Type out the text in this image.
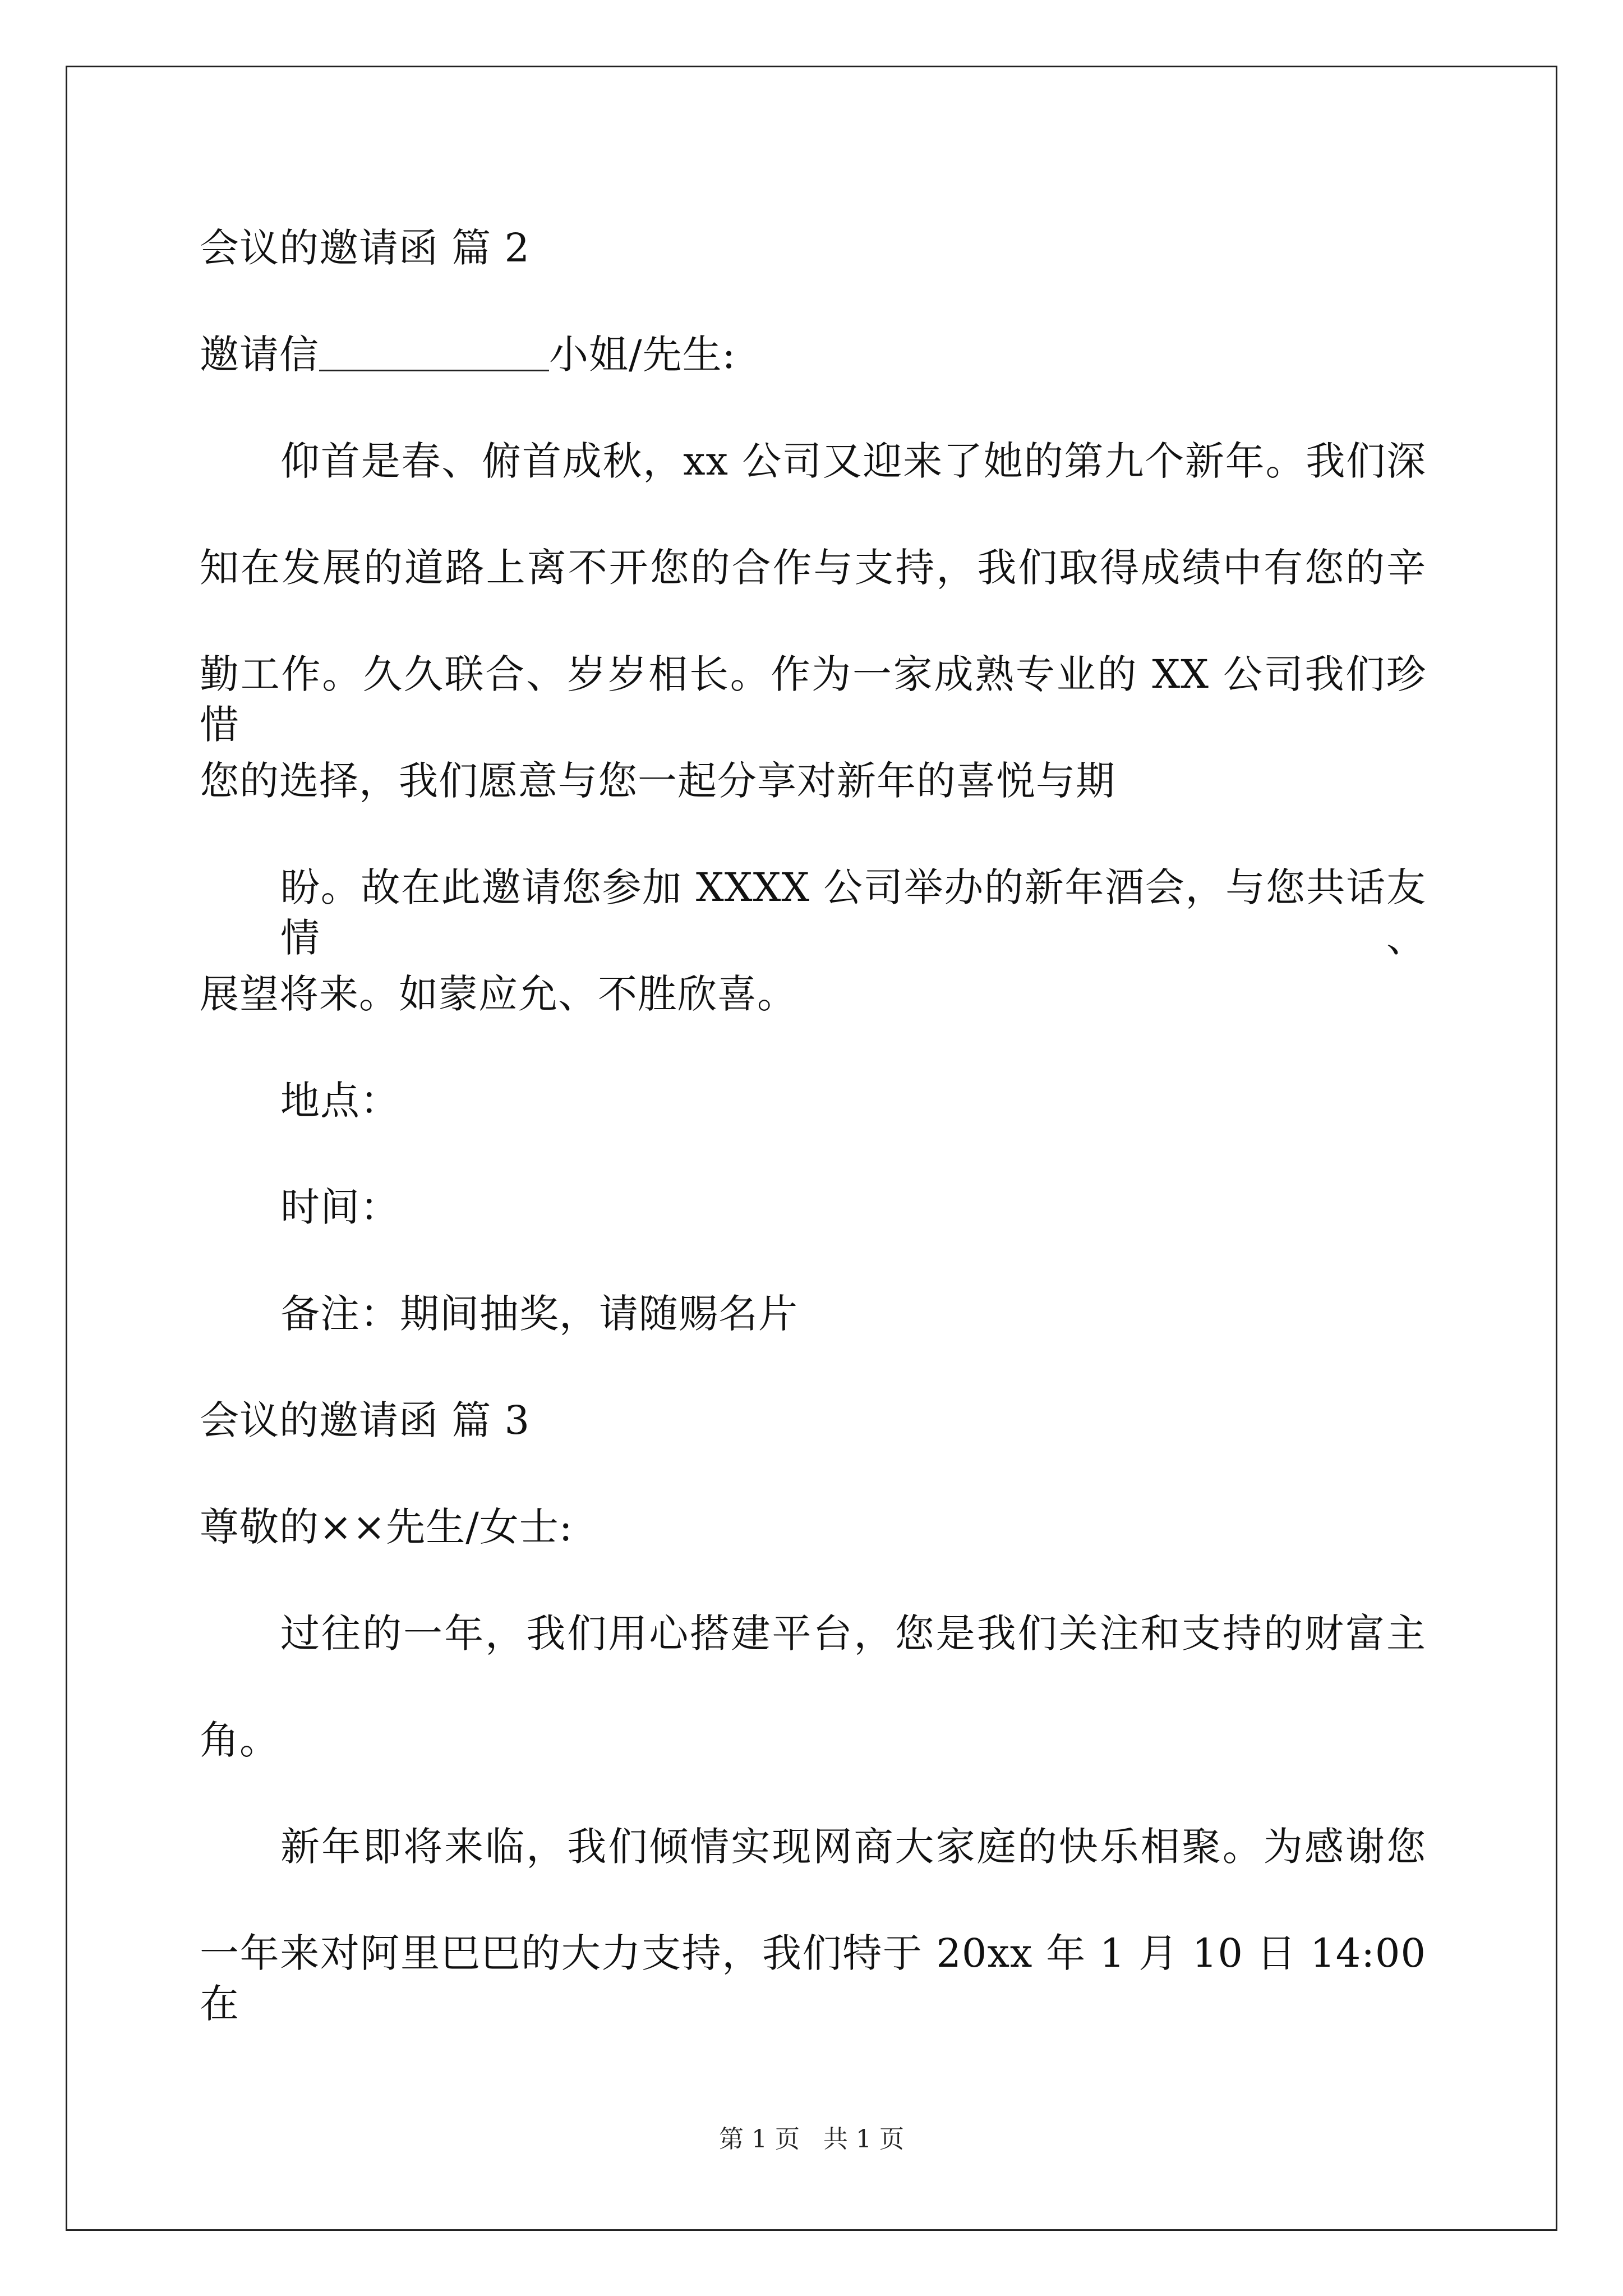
会议的邀请函 篇 2
邀请信	小姐/先生:
仰首是春、俯首成秋，xx 公司又迎来了她的第九个新年。我们深
知在发展的道路上离不开您的合作与支持，我们取得成绩中有您的辛
勤工作。久久联合、岁岁相长。作为一家成熟专业的 XX 公司我们珍惜
您的选择，我们愿意与您一起分享对新年的喜悦与期
盼。故在此邀请您参加 XXXX 公司举办的新年酒会，与您共话友情、
展望将来。如蒙应允、不胜欣喜。
地点：
时间：
备注：期间抽奖，请随赐名片
会议的邀请函 篇 3
尊敬的××先生/女士:
过往的一年，我们用心搭建平台，您是我们关注和支持的财富主
角。
新年即将来临，我们倾情实现网商大家庭的快乐相聚。为感谢您
一年来对阿里巴巴的大力支持，我们特于 20xx 年 1 月 10 日 14:00 在
第 1 页   共 1 页
